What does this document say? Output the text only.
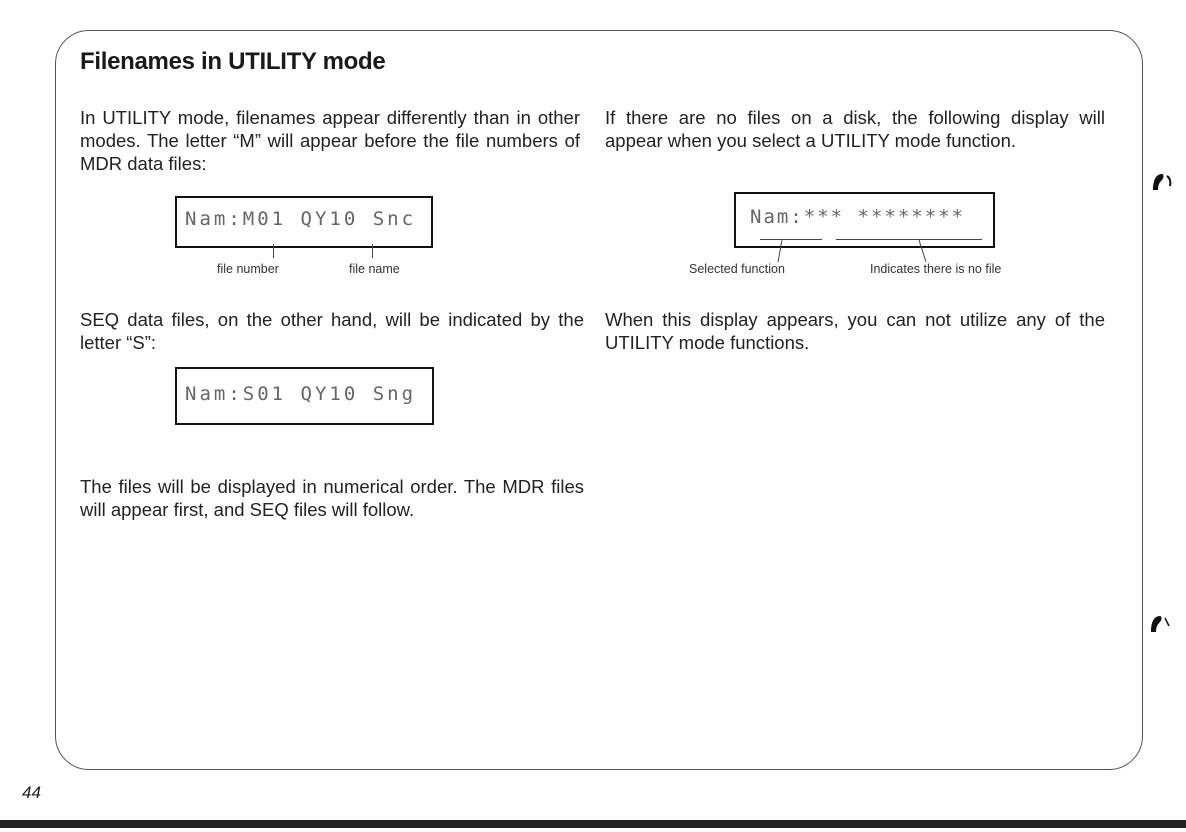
Filenames in UTILITY mode

In UTILITY mode, filenames appear differently than in other modes. The letter “M” will appear before the file numbers of MDR data files:

Nam:M01 QY10 Snc
file number	file name

SEQ data files, on the other hand, will be indicated by the letter “S”:

Nam:S01 QY10 Sng

The files will be displayed in numerical order. The MDR files will appear first, and SEQ files will follow.

If there are no files on a disk, the following display will appear when you select a UTILITY mode function.

Nam:*** ********
Selected function	Indicates there is no file

When this display appears, you can not utilize any of the UTILITY mode functions.

44
